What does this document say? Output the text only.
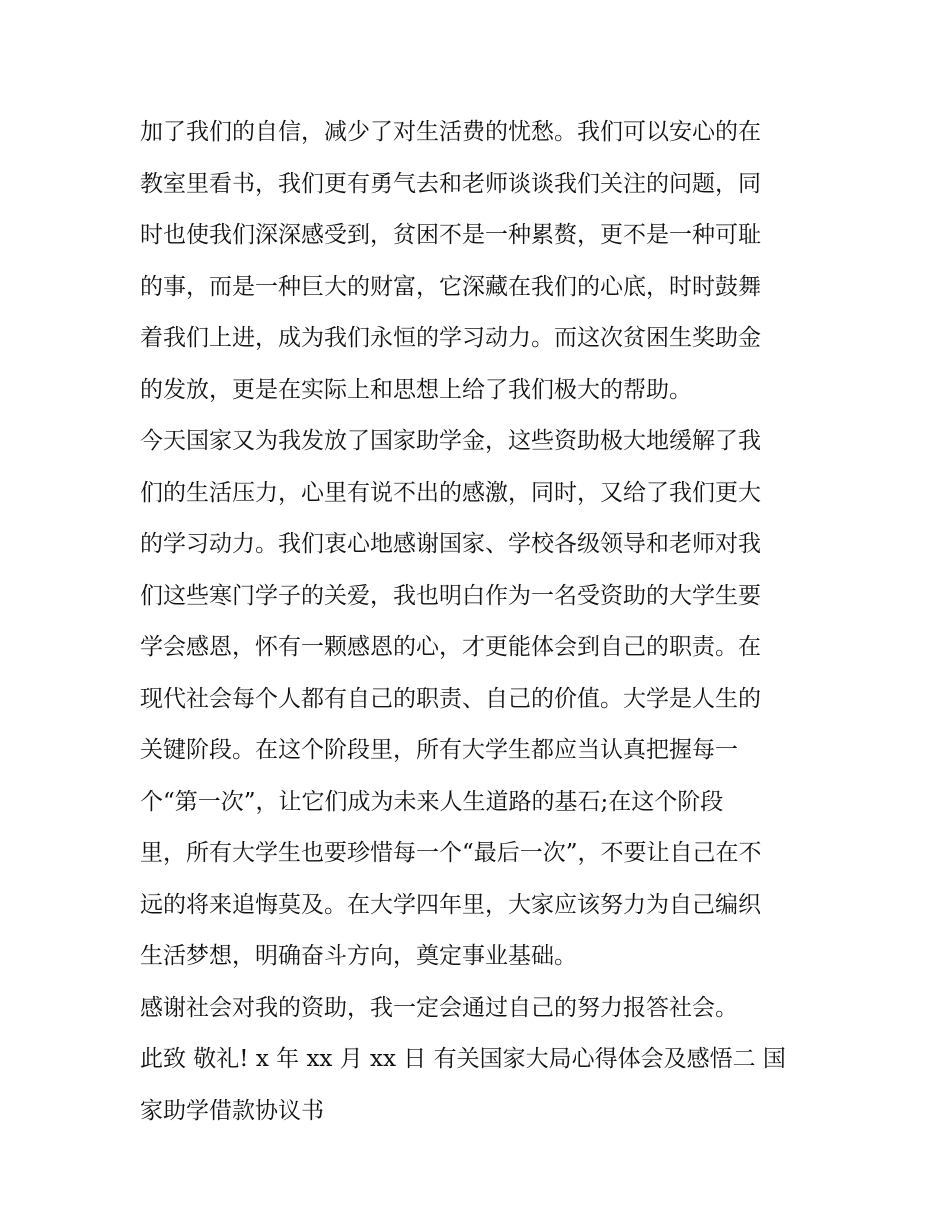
加了我们的自信，减少了对生活费的忧愁。我们可以安心的在
教室里看书，我们更有勇气去和老师谈谈我们关注的问题，同
时也使我们深深感受到，贫困不是一种累赘，更不是一种可耻
的事，而是一种巨大的财富，它深藏在我们的心底，时时鼓舞
着我们上进，成为我们永恒的学习动力。而这次贫困生奖助金
的发放，更是在实际上和思想上给了我们极大的帮助。
今天国家又为我发放了国家助学金，这些资助极大地缓解了我
们的生活压力，心里有说不出的感激，同时，又给了我们更大
的学习动力。我们衷心地感谢国家、学校各级领导和老师对我
们这些寒门学子的关爱，我也明白作为一名受资助的大学生要
学会感恩，怀有一颗感恩的心，才更能体会到自己的职责。在
现代社会每个人都有自己的职责、自己的价值。大学是人生的
关键阶段。在这个阶段里，所有大学生都应当认真把握每一
个“第一次”，让它们成为未来人生道路的基石;在这个阶段
里，所有大学生也要珍惜每一个“最后一次”，不要让自己在不
远的将来追悔莫及。在大学四年里，大家应该努力为自己编织
生活梦想，明确奋斗方向，奠定事业基础。
感谢社会对我的资助，我一定会通过自己的努力报答社会。
此致 敬礼! x 年 xx 月 xx 日 有关国家大局心得体会及感悟二 国
家助学借款协议书
